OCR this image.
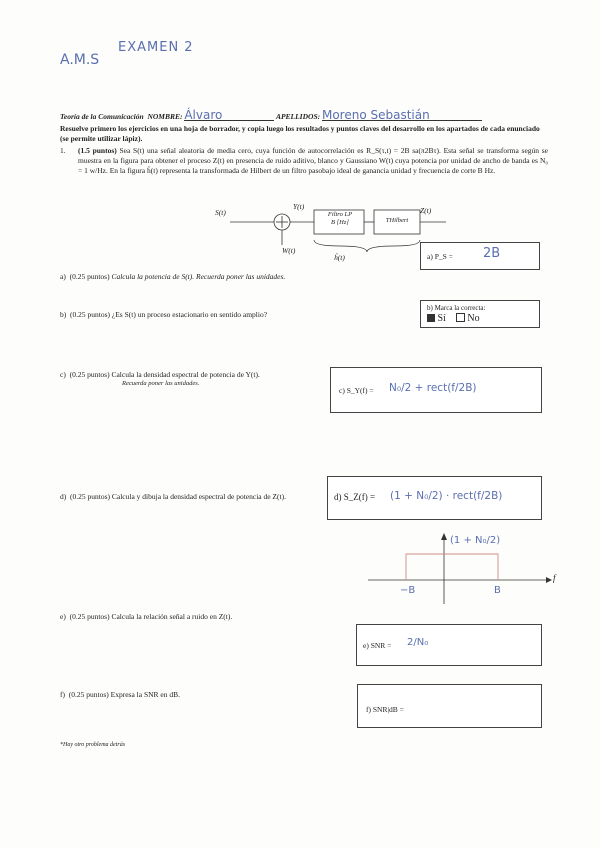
A.M.S
EXAMEN 2
Teoría de la Comunicación NOMBRE: Álvaro	APELLIDOS: Moreno Sebastián
Resuelve primero los ejercicios en una hoja de borrador, y copia luego los resultados y puntos claves del desarrollo en los apartados de cada enunciado (se permite utilizar lápiz).
1.	(1.5 puntos) Sea S(t) una señal aleatoria de media cero, cuya función de autocorrelación es R_S(τ,t) = 2B sa(π2Bτ). Esta señal se transforma según se muestra en la figura para obtener el proceso Z(t) en presencia de ruido aditivo, blanco y Gaussiano W(t) cuya potencia por unidad de ancho de banda es N₀ = 1 w/Hz. En la figura ĥ(t) representa la transformada de Hilbert de un filtro pasobajo ideal de ganancia unidad y frecuencia de corte B Hz.
S(t)
W(t)
Y(t)
Filtro LP
B [Hz]	THilbert
Z(t)
ĥ(t)
a) (0.25 puntos) Calcula la potencia de S(t). Recuerda poner las unidades.
a) P_S = 2B
b) (0.25 puntos) ¿Es S(t) un proceso estacionario en sentido amplio?
b) Marca la correcta:
Sí No
c) (0.25 puntos) Calcula la densidad espectral de potencia de Y(t).
Recuerda poner las unidades.
c) S_Y(f) = N₀/2 + rect(f/2B)
d) (0.25 puntos) Calcula y dibuja la densidad espectral de potencia de Z(t).	d) S_Z(f) = (1 + N₀/2) · rect(f/2B)
(1 + N₀/2)
−B	B
f
e) (0.25 puntos) Calcula la relación señal a ruido en Z(t).
e) SNR = 2/N₀
f) (0.25 puntos) Expresa la SNR en dB.
f) SNR|dB =
*Hay otro problema detrás
